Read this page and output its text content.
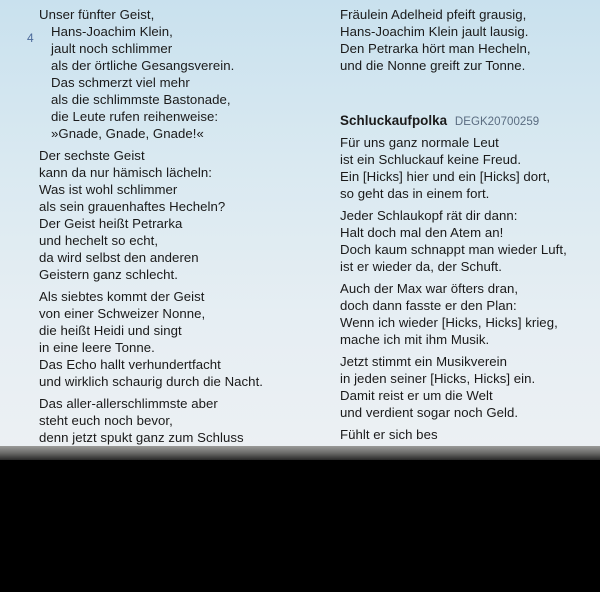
4
Unser fünfter Geist,
Hans-Joachim Klein,
jault noch schlimmer
als der örtliche Gesangsverein.
Das schmerzt viel mehr
als die schlimmste Bastonade,
die Leute rufen reihenweise:
»Gnade, Gnade, Gnade!«
Der sechste Geist
kann da nur hämisch lächeln:
Was ist wohl schlimmer
als sein grauenhaftes Hecheln?
Der Geist heißt Petrarka
und hechelt so echt,
da wird selbst den anderen
Geistern ganz schlecht.
Als siebtes kommt der Geist
von einer Schweizer Nonne,
die heißt Heidi und singt
in eine leere Tonne.
Das Echo hallt verhundertfacht
und wirklich schaurig durch die Nacht.
Das aller-allerschlimmste aber
steht euch noch bevor,
denn jetzt spukt ganz zum Schluss
Fräulein Adelheid pfeift grausig,
Hans-Joachim Klein jault lausig.
Den Petrarka hört man Hecheln,
und die Nonne greift zur Tonne.
Schluckaufpolka DEGK20700259
Für uns ganz normale Leut
ist ein Schluckauf keine Freud.
Ein [Hicks] hier und ein [Hicks] dort,
so geht das in einem fort.
Jeder Schlaukopf rät dir dann:
Halt doch mal den Atem an!
Doch kaum schnappt man wieder Luft,
ist er wieder da, der Schuft.
Auch der Max war öfters dran,
doch dann fasste er den Plan:
Wenn ich wieder [Hicks, Hicks] krieg,
mache ich mit ihm Musik.
Jetzt stimmt ein Musikverein
in jeden seiner [Hicks, Hicks] ein.
Damit reist er um die Welt
und verdient sogar noch Geld.
Fühlt er sich bes
